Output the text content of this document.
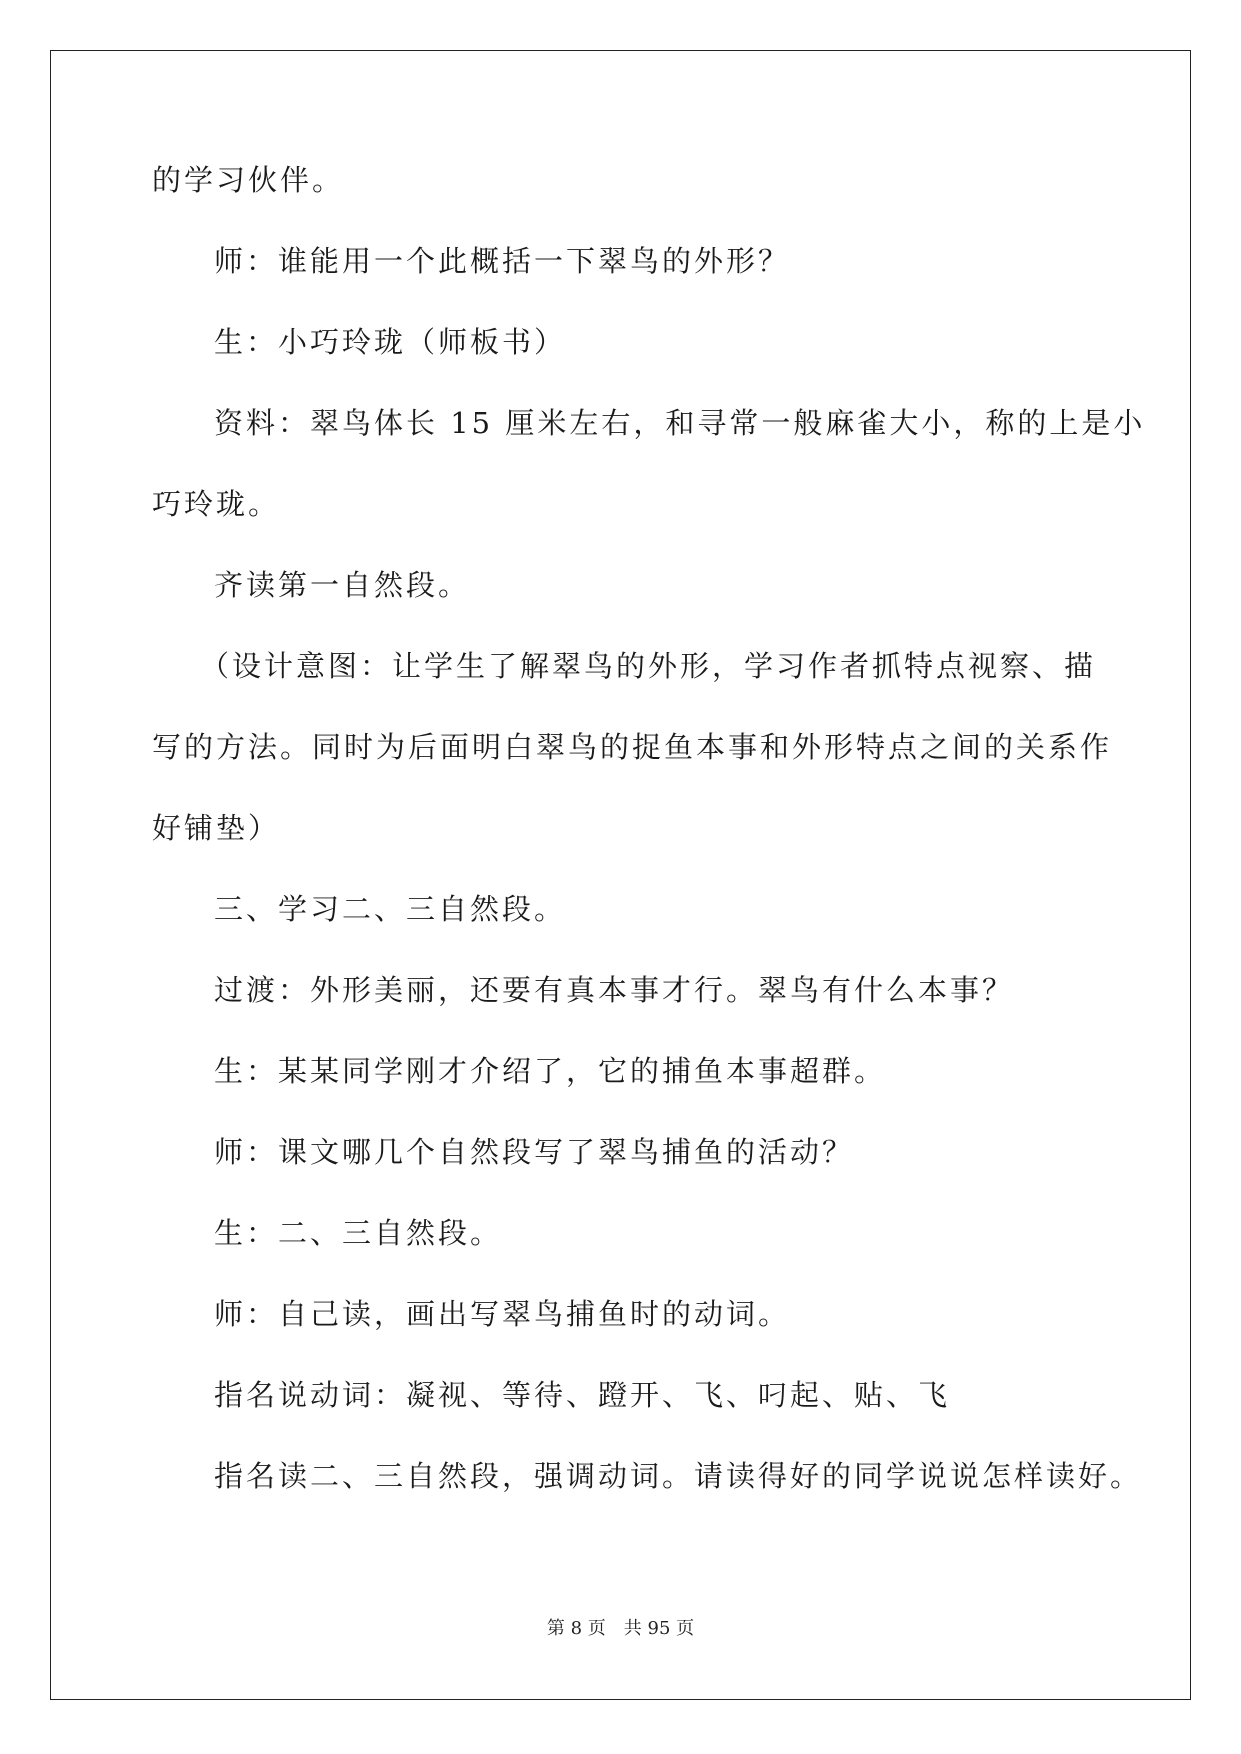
的学习伙伴。
师：谁能用一个此概括一下翠鸟的外形？
生：小巧玲珑（师板书）
资料：翠鸟体长 15 厘米左右，和寻常一般麻雀大小，称的上是小
巧玲珑。
齐读第一自然段。
（设计意图：让学生了解翠鸟的外形，学习作者抓特点视察、描
写的方法。同时为后面明白翠鸟的捉鱼本事和外形特点之间的关系作
好铺垫）
三、学习二、三自然段。
过渡：外形美丽，还要有真本事才行。翠鸟有什么本事？
生：某某同学刚才介绍了，它的捕鱼本事超群。
师：课文哪几个自然段写了翠鸟捕鱼的活动？
生：二、三自然段。
师：自己读，画出写翠鸟捕鱼时的动词。
指名说动词：凝视、等待、蹬开、飞、叼起、贴、飞
指名读二、三自然段，强调动词。请读得好的同学说说怎样读好。
第 8 页　共 95 页
